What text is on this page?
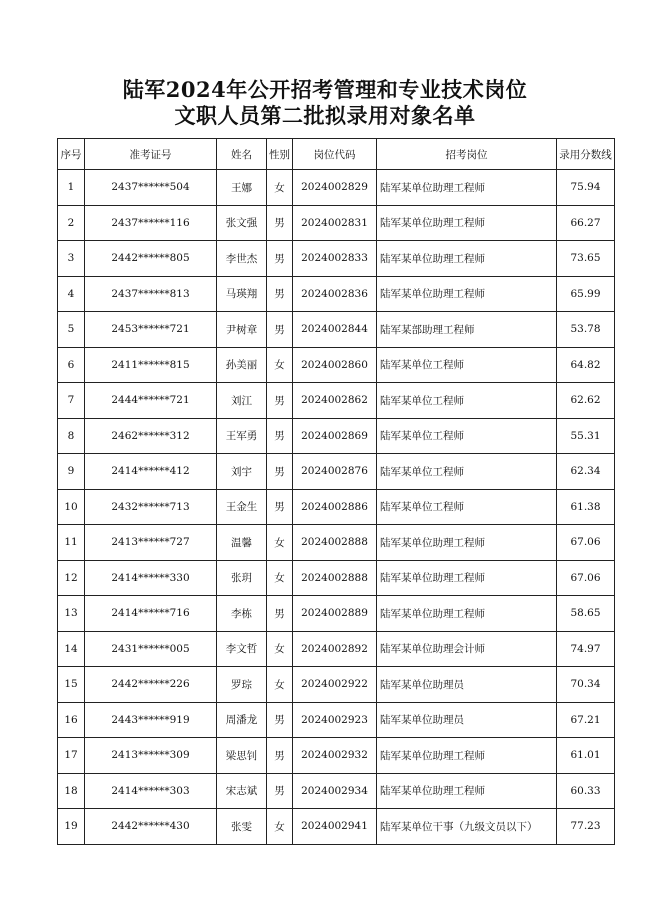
陆军2024年公开招考管理和专业技术岗位
文职人员第二批拟录用对象名单
序号	准考证号	姓名	性别	岗位代码	招考岗位	录用分数线
1	2437******504	王娜	女	2024002829	陆军某单位助理工程师	75.94
2	2437******116	张文强	男	2024002831	陆军某单位助理工程师	66.27
3	2442******805	李世杰	男	2024002833	陆军某单位助理工程师	73.65
4	2437******813	马瑛翔	男	2024002836	陆军某单位助理工程师	65.99
5	2453******721	尹树章	男	2024002844	陆军某部助理工程师	53.78
6	2411******815	孙美丽	女	2024002860	陆军某单位工程师	64.82
7	2444******721	刘江	男	2024002862	陆军某单位工程师	62.62
8	2462******312	王军勇	男	2024002869	陆军某单位工程师	55.31
9	2414******412	刘宇	男	2024002876	陆军某单位工程师	62.34
10	2432******713	王金生	男	2024002886	陆军某单位工程师	61.38
11	2413******727	温馨	女	2024002888	陆军某单位助理工程师	67.06
12	2414******330	张玥	女	2024002888	陆军某单位助理工程师	67.06
13	2414******716	李栋	男	2024002889	陆军某单位助理工程师	58.65
14	2431******005	李文哲	女	2024002892	陆军某单位助理会计师	74.97
15	2442******226	罗琮	女	2024002922	陆军某单位助理员	70.34
16	2443******919	周潘龙	男	2024002923	陆军某单位助理员	67.21
17	2413******309	梁思钊	男	2024002932	陆军某单位助理工程师	61.01
18	2414******303	宋志斌	男	2024002934	陆军某单位助理工程师	60.33
19	2442******430	张雯	女	2024002941	陆军某单位干事（九级文员以下）	77.23
